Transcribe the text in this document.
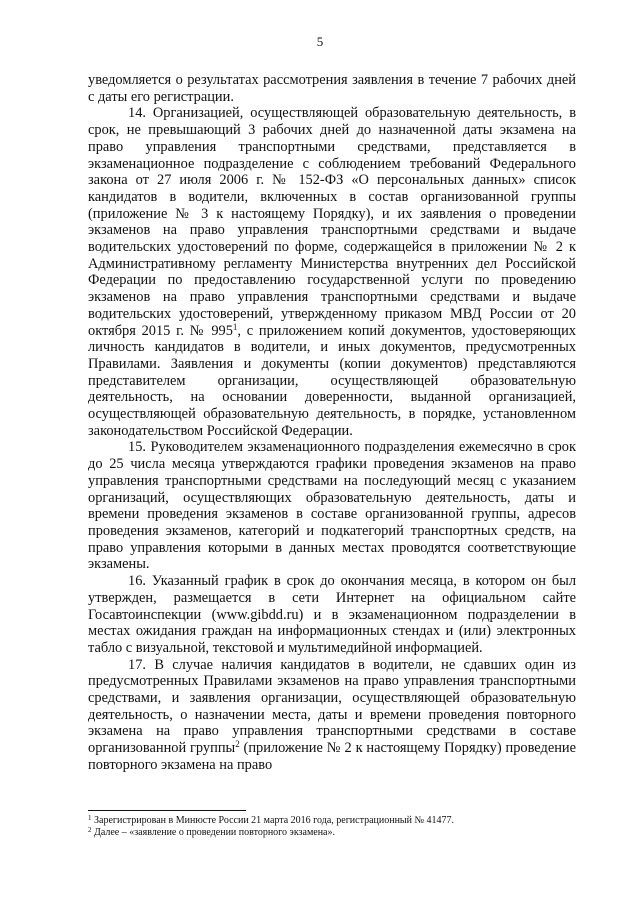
5

уведомляется о результатах рассмотрения заявления в течение 7 рабочих дней с даты его регистрации.

14. Организацией, осуществляющей образовательную деятельность, в срок, не превышающий 3 рабочих дней до назначенной даты экзамена на право управления транспортными средствами, представляется в экзаменационное подразделение с соблюдением требований Федерального закона от 27 июля 2006 г. № 152-ФЗ «О персональных данных» список кандидатов в водители, включенных в состав организованной группы (приложение № 3 к настоящему Порядку), и их заявления о проведении экзаменов на право управления транспортными средствами и выдаче водительских удостоверений по форме, содержащейся в приложении № 2 к Административному регламенту Министерства внутренних дел Российской Федерации по предоставлению государственной услуги по проведению экзаменов на право управления транспортными средствами и выдаче водительских удостоверений, утвержденному приказом МВД России от 20 октября 2015 г. № $995^1$, с приложением копий документов, удостоверяющих личность кандидатов в водители, и иных документов, предусмотренных Правилами. Заявления и документы (копии документов) представляются представителем организации, осуществляющей образовательную деятельность, на основании доверенности, выданной организацией, осуществляющей образовательную деятельность, в порядке, установленном законодательством Российской Федерации.

15. Руководителем экзаменационного подразделения ежемесячно в срок до 25 числа месяца утверждаются графики проведения экзаменов на право управления транспортными средствами на последующий месяц с указанием организаций, осуществляющих образовательную деятельность, даты и времени проведения экзаменов в составе организованной группы, адресов проведения экзаменов, категорий и подкатегорий транспортных средств, на право управления которыми в данных местах проводятся соответствующие экзамены.

16. Указанный график в срок до окончания месяца, в котором он был утвержден, размещается в сети Интернет на официальном сайте Госавтоинспекции (www.gibdd.ru) и в экзаменационном подразделении в местах ожидания граждан на информационных стендах и (или) электронных табло с визуальной, текстовой и мультимедийной информацией.

17. В случае наличия кандидатов в водители, не сдавших один из предусмотренных Правилами экзаменов на право управления транспортными средствами, и заявления организации, осуществляющей образовательную деятельность, о назначении места, даты и времени проведения повторного экзамена на право управления транспортными средствами в составе организованной группы$^2$ (приложение № 2 к настоящему Порядку) проведение повторного экзамена на право

$^1$ Зарегистрирован в Минюсте России 21 марта 2016 года, регистрационный № 41477.

$^2$ Далее – «заявление о проведении повторного экзамена».
